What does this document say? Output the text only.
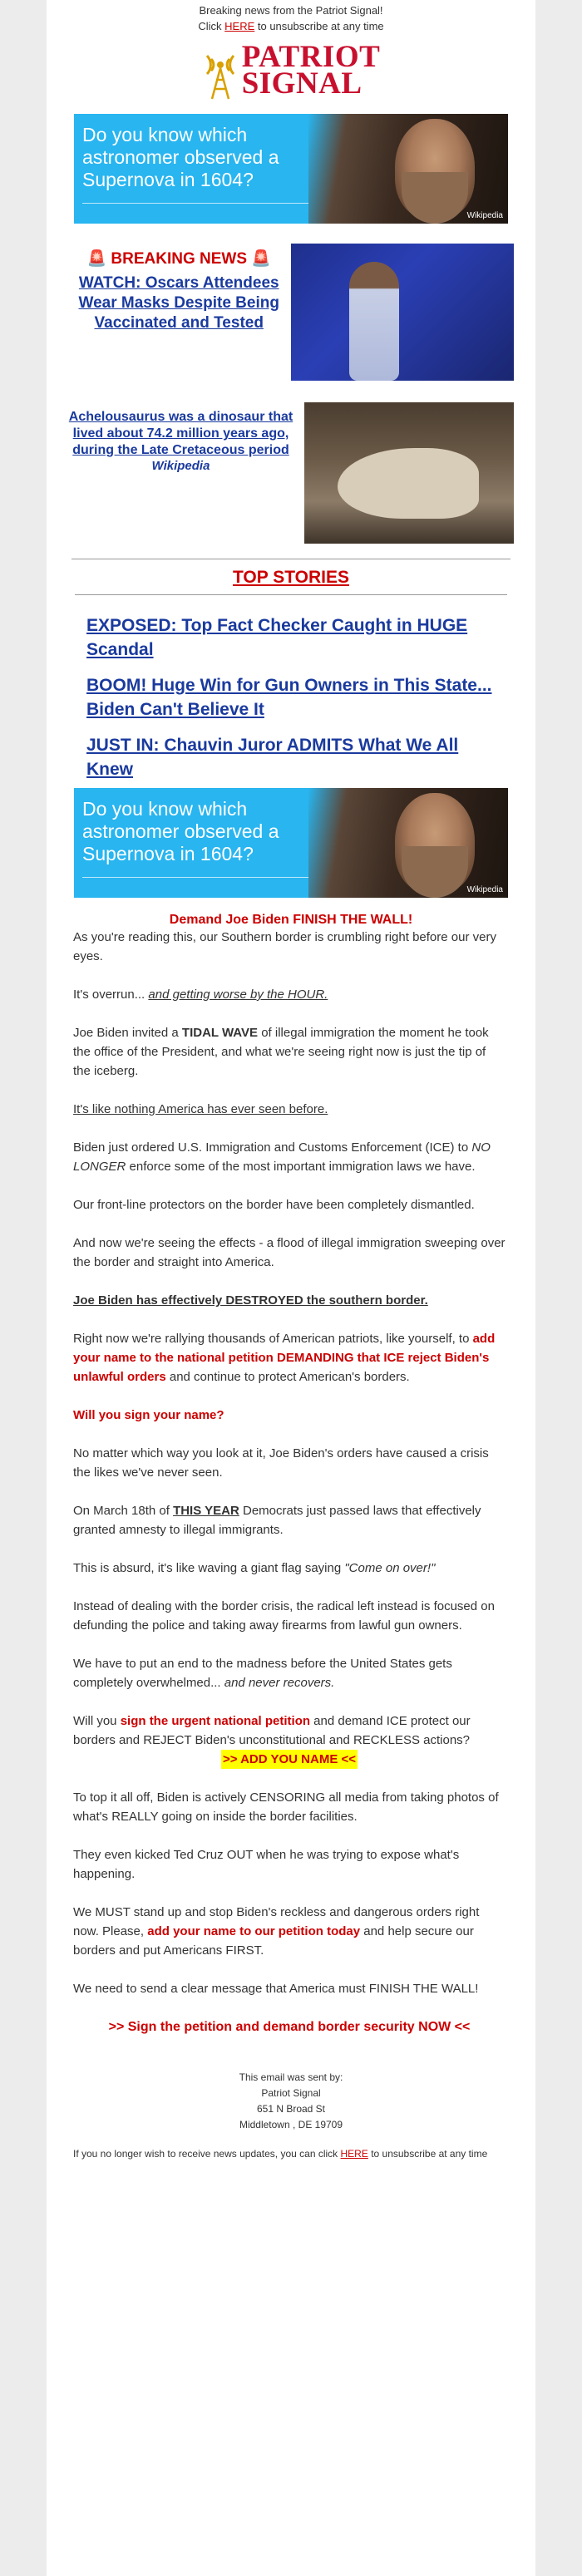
Breaking news from the Patriot Signal!
Click HERE to unsubscribe at any time
PATRIOT
SIGNAL
Do you know which astronomer observed a Supernova in 1604?
Wikipedia
🚨 BREAKING NEWS 🚨
WATCH: Oscars Attendees Wear Masks Despite Being Vaccinated and Tested
Achelousaurus was a dinosaur that lived about 74.2 million years ago, during the Late Cretaceous period
Wikipedia
TOP STORIES
EXPOSED: Top Fact Checker Caught in HUGE Scandal
BOOM! Huge Win for Gun Owners in This State... Biden Can't Believe It
JUST IN: Chauvin Juror ADMITS What We All Knew
Do you know which astronomer observed a Supernova in 1604?
Wikipedia
Demand Joe Biden FINISH THE WALL!

As you're reading this, our Southern border is crumbling right before our very eyes.

It's overrun... and getting worse by the HOUR.

Joe Biden invited a TIDAL WAVE of illegal immigration the moment he took the office of the President, and what we're seeing right now is just the tip of the iceberg.

It's like nothing America has ever seen before.

Biden just ordered U.S. Immigration and Customs Enforcement (ICE) to NO LONGER enforce some of the most important immigration laws we have.

Our front-line protectors on the border have been completely dismantled.

And now we're seeing the effects - a flood of illegal immigration sweeping over the border and straight into America.

Joe Biden has effectively DESTROYED the southern border.

Right now we're rallying thousands of American patriots, like yourself, to add your name to the national petition DEMANDING that ICE reject Biden's unlawful orders and continue to protect American's borders.

Will you sign your name?

No matter which way you look at it, Joe Biden's orders have caused a crisis the likes we've never seen.

On March 18th of THIS YEAR Democrats just passed laws that effectively granted amnesty to illegal immigrants.

This is absurd, it's like waving a giant flag saying "Come on over!"

Instead of dealing with the border crisis, the radical left instead is focused on defunding the police and taking away firearms from lawful gun owners.

We have to put an end to the madness before the United States gets completely overwhelmed... and never recovers.

Will you sign the urgent national petition and demand ICE protect our borders and REJECT Biden's unconstitutional and RECKLESS actions?

>> ADD YOU NAME <<

To top it all off, Biden is actively CENSORING all media from taking photos of what's REALLY going on inside the border facilities.

They even kicked Ted Cruz OUT when he was trying to expose what's happening.

We MUST stand up and stop Biden's reckless and dangerous orders right now. Please, add your name to our petition today and help secure our borders and put Americans FIRST.

We need to send a clear message that America must FINISH THE WALL!

>> Sign the petition and demand border security NOW <<

This email was sent by:
Patriot Signal
651 N Broad St
Middletown , DE 19709
If you no longer wish to receive news updates, you can click HERE to unsubscribe at any time
